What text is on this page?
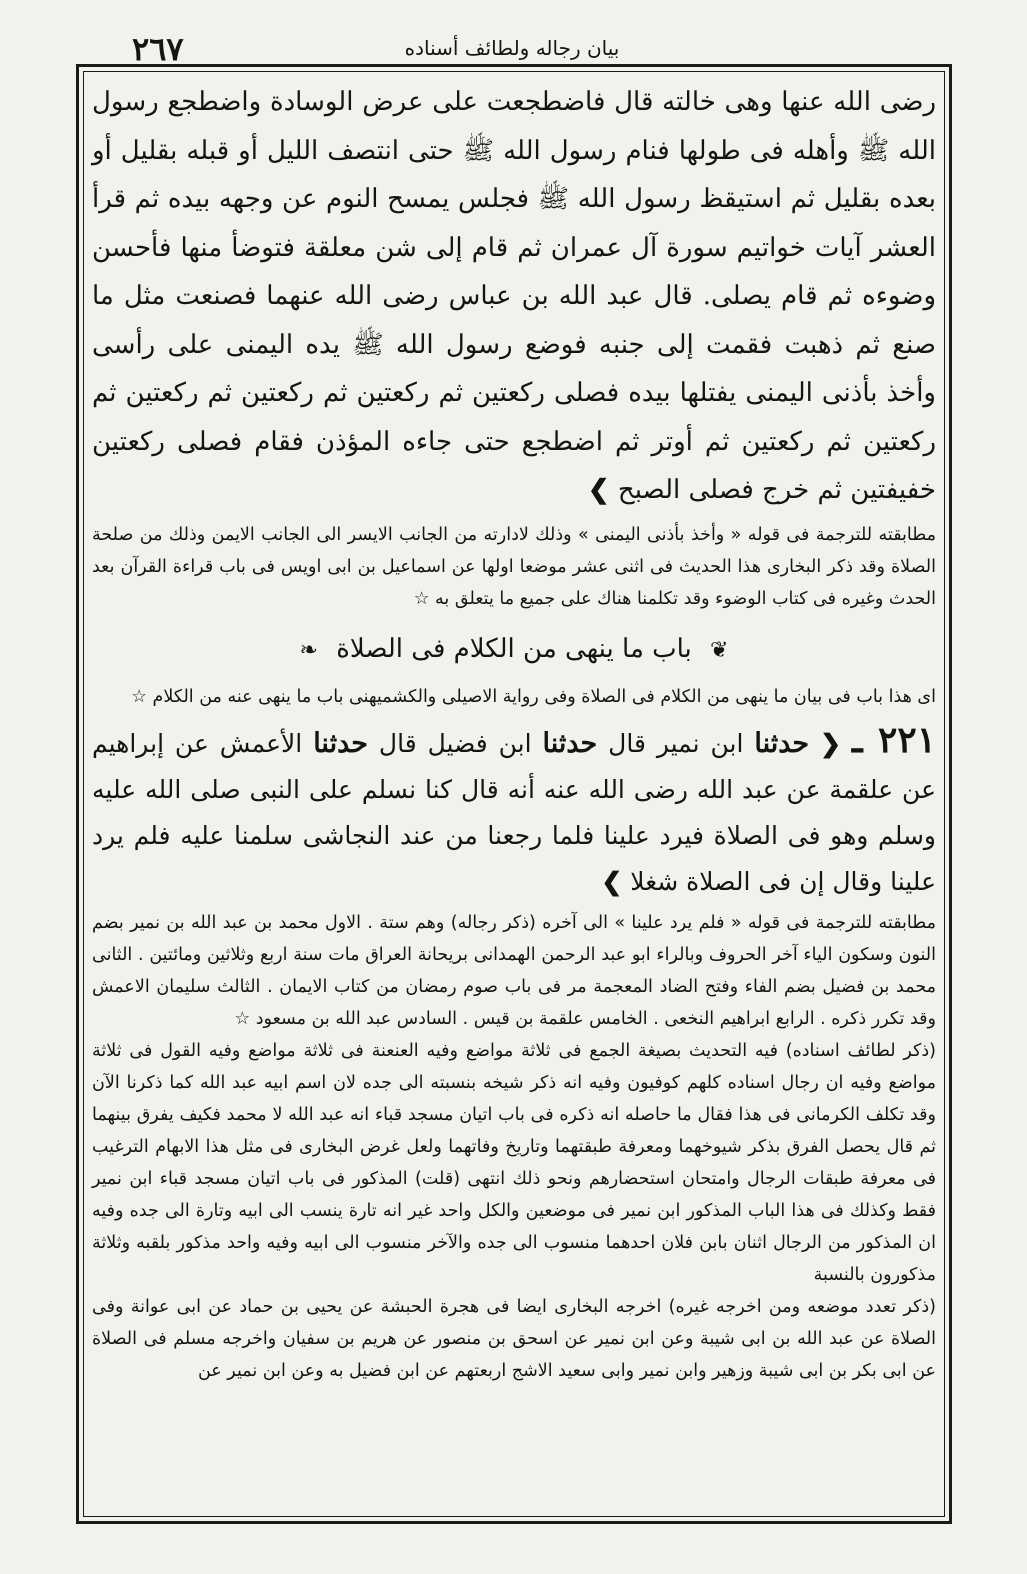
٢٦٧	بيان رجاله ولطائف أسناده

رضى الله عنها وهى خالته قال فاضطجعت على عرض الوسادة واضطجع رسول الله ﷺ وأهله فى طولها فنام رسول الله ﷺ حتى انتصف الليل أو قبله بقليل أو بعده بقليل ثم استيقظ رسول الله ﷺ فجلس يمسح النوم عن وجهه بيده ثم قرأ العشر آيات خواتيم سورة آل عمران ثم قام إلى شن معلقة فتوضأ منها فأحسن وضوءه ثم قام يصلى. قال عبد الله بن عباس رضى الله عنهما فصنعت مثل ما صنع ثم ذهبت فقمت إلى جنبه فوضع رسول الله ﷺ يده اليمنى على رأسى وأخذ بأذنى اليمنى يفتلها بيده فصلى ركعتين ثم ركعتين ثم ركعتين ثم ركعتين ثم ركعتين ثم ركعتين ثم أوتر ثم اضطجع حتى جاءه المؤذن فقام فصلى ركعتين خفيفتين ثم خرج فصلى الصبح ❯

مطابقته للترجمة فى قوله « وأخذ بأذنى اليمنى » وذلك لادارته من الجانب الايسر الى الجانب الايمن وذلك من صلحة الصلاة وقد ذكر البخارى هذا الحديث فى اثنى عشر موضعا اولها عن اسماعيل بن ابى اويس فى باب قراءة القرآن بعد الحدث وغيره فى كتاب الوضوء وقد تكلمنا هناك على جميع ما يتعلق به ☆

❦ باب ما ينهى من الكلام فى الصلاة ❧

اى هذا باب فى بيان ما ينهى من الكلام فى الصلاة وفى رواية الاصيلى والكشميهنى باب ما ينهى عنه من الكلام ☆

٢٢١ ـ ❮ حدثنا ابن نمير قال حدثنا ابن فضيل قال حدثنا الأعمش عن إبراهيم عن علقمة عن عبد الله رضى الله عنه أنه قال كنا نسلم على النبى صلى الله عليه وسلم وهو فى الصلاة فيرد علينا فلما رجعنا من عند النجاشى سلمنا عليه فلم يرد علينا وقال إن فى الصلاة شغلا ❯

مطابقته للترجمة فى قوله « فلم يرد علينا » الى آخره (ذكر رجاله) وهم ستة . الاول محمد بن عبد الله بن نمير بضم النون وسكون الياء آخر الحروف وبالراء ابو عبد الرحمن الهمدانى بريحانة العراق مات سنة اربع وثلاثين ومائتين . الثانى محمد بن فضيل بضم الفاء وفتح الضاد المعجمة مر فى باب صوم رمضان من كتاب الايمان . الثالث سليمان الاعمش وقد تكرر ذكره . الرابع ابراهيم النخعى . الخامس علقمة بن قيس . السادس عبد الله بن مسعود ☆

(ذكر لطائف اسناده) فيه التحديث بصيغة الجمع فى ثلاثة مواضع وفيه العنعنة فى ثلاثة مواضع وفيه القول فى ثلاثة مواضع وفيه ان رجال اسناده كلهم كوفيون وفيه انه ذكر شيخه بنسبته الى جده لان اسم ابيه عبد الله كما ذكرنا الآن وقد تكلف الكرمانى فى هذا فقال ما حاصله انه ذكره فى باب اتيان مسجد قباء انه عبد الله لا محمد فكيف يفرق بينهما ثم قال يحصل الفرق بذكر شيوخهما ومعرفة طبقتهما وتاريخ وفاتهما ولعل غرض البخارى فى مثل هذا الابهام الترغيب فى معرفة طبقات الرجال وامتحان استحضارهم ونحو ذلك انتهى (قلت) المذكور فى باب اتيان مسجد قباء ابن نمير فقط وكذلك فى هذا الباب المذكور ابن نمير فى موضعين والكل واحد غير انه تارة ينسب الى ابيه وتارة الى جده وفيه ان المذكور من الرجال اثنان بابن فلان احدهما منسوب الى جده والآخر منسوب الى ابيه وفيه واحد مذكور بلقبه وثلاثة مذكورون بالنسبة

(ذكر تعدد موضعه ومن اخرجه غيره) اخرجه البخارى ايضا فى هجرة الحبشة عن يحيى بن حماد عن ابى عوانة وفى الصلاة عن عبد الله بن ابى شيبة وعن ابن نمير عن اسحق بن منصور عن هريم بن سفيان واخرجه مسلم فى الصلاة عن ابى بكر بن ابى شيبة وزهير وابن نمير وابى سعيد الاشج اربعتهم عن ابن فضيل به وعن ابن نمير عن
